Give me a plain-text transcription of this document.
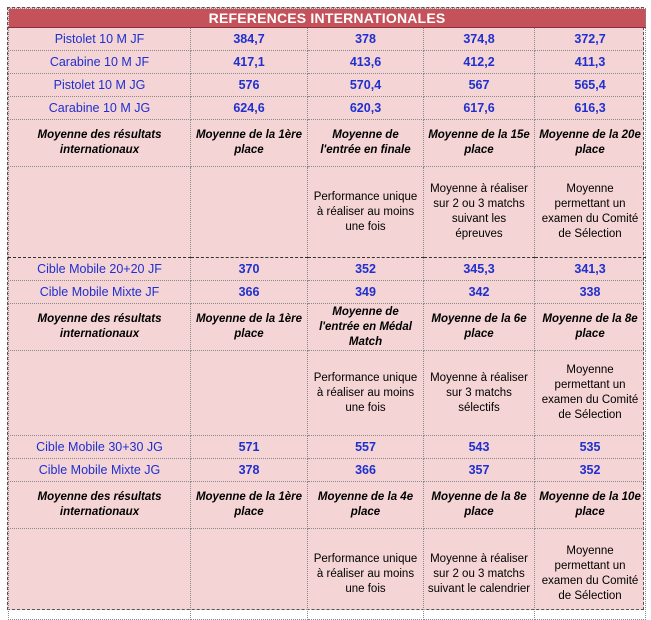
REFERENCES INTERNATIONALES				
Pistolet 10 M JF	384,7	378	374,8	372,7
Carabine 10 M JF	417,1	413,6	412,2	411,3
Pistolet 10 M JG	576	570,4	567	565,4
Carabine 10 M JG	624,6	620,3	617,6	616,3
Moyenne des résultats internationaux	Moyenne de la 1ère place	Moyenne de l'entrée en finale	Moyenne de la 15e place	Moyenne de la 20e place
		Performance unique à réaliser au moins une fois	Moyenne à réaliser sur 2 ou 3 matchs suivant les épreuves	Moyenne permettant un examen du Comité de Sélection
Cible Mobile 20+20 JF	370	352	345,3	341,3
Cible Mobile Mixte JF	366	349	342	338
Moyenne des résultats internationaux	Moyenne de la 1ère place	Moyenne de l'entrée en Médal Match	Moyenne de la 6e place	Moyenne de la 8e place
		Performance unique à réaliser au moins une fois	Moyenne à réaliser sur 3 matchs sélectifs	Moyenne permettant un examen du Comité de Sélection
Cible Mobile 30+30 JG	571	557	543	535
Cible Mobile Mixte JG	378	366	357	352
Moyenne des résultats internationaux	Moyenne de la 1ère place	Moyenne de la 4e place	Moyenne de la 8e place	Moyenne de la 10e place
		Performance unique à réaliser au moins une fois	Moyenne à réaliser sur 2 ou 3 matchs suivant le calendrier	Moyenne permettant un examen du Comité de Sélection
